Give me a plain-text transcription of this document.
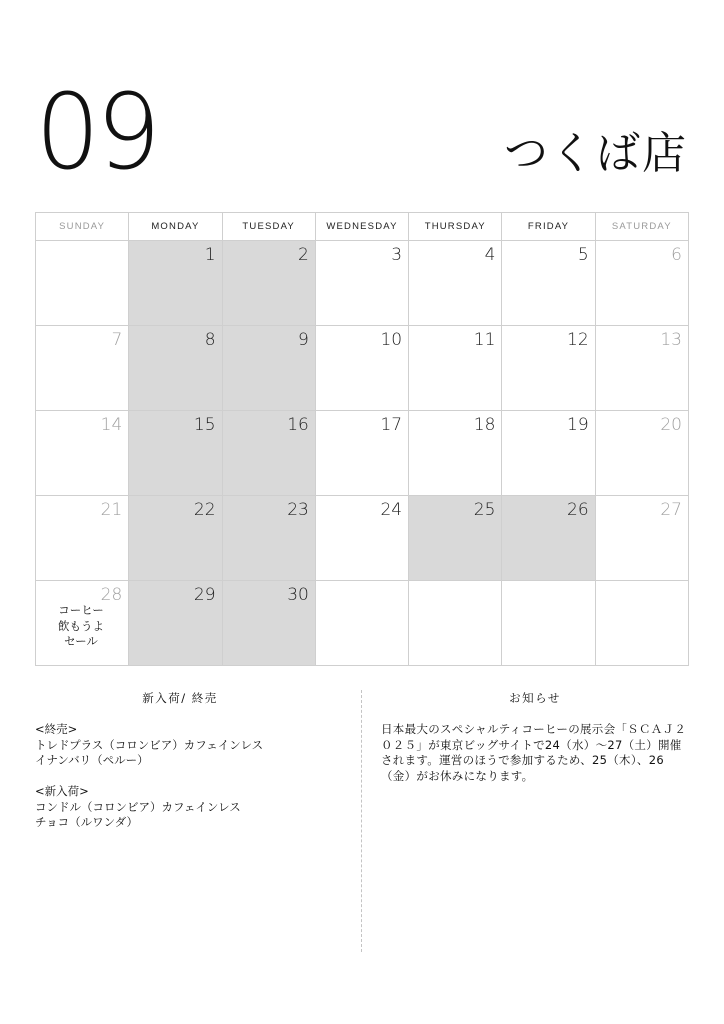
09	つくば店
SUNDAY	MONDAY	TUESDAY	WEDNESDAY	THURSDAY	FRIDAY	SATURDAY

	1	2	3	4	5	6

7	8	9	10	11	12	13

14	15	16	17	18	19	20

21	22	23	24	25	26	27

28
コーヒー
飲もうよ
セール	29	30				

新入荷/ 終売
<終売>
トレドプラス（コロンビア）カフェインレス
イナンバリ（ペルー）
<新入荷>
コンドル（コロンビア）カフェインレス
チョコ（ルワンダ）
お知らせ
日本最大のスペシャルティコーヒーの展示会「ＳＣＡＪ２０２５」が東京ビッグサイトで24（水）〜27（土）開催されます。運営のほうで参加するため、25（木）、26（金）がお休みになります。
